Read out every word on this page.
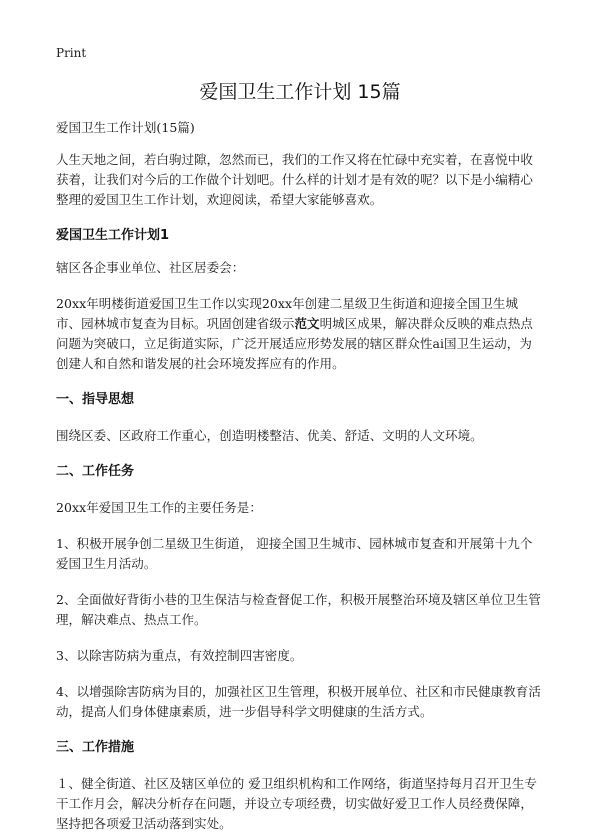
Print
爱国卫生工作计划 15篇

爱国卫生工作计划(15篇)

人生天地之间，若白驹过隙，忽然而已，我们的工作又将在忙碌中充实着，在喜悦中收获着，让我们对今后的工作做个计划吧。什么样的计划才是有效的呢？以下是小编精心整理的爱国卫生工作计划，欢迎阅读，希望大家能够喜欢。

爱国卫生工作计划1

辖区各企事业单位、社区居委会：

20xx年明楼街道爱国卫生工作以实现20xx年创建二星级卫生街道和迎接全国卫生城市、园林城市复查为目标。巩固创建省级示范文明城区成果，解决群众反映的难点热点问题为突破口，立足街道实际，广泛开展适应形势发展的辖区群众性ai国卫生运动，为创建人和自然和谐发展的社会环境发挥应有的作用。

一、指导思想

围绕区委、区政府工作重心，创造明楼整洁、优美、舒适、文明的人文环境。

二、工作任务

20xx年爱国卫生工作的主要任务是：

1、积极开展争创二星级卫生街道， 迎接全国卫生城市、园林城市复查和开展第十九个爱国卫生月活动。

2、全面做好背街小巷的卫生保洁与检查督促工作，积极开展整治环境及辖区单位卫生管理，解决难点、热点工作。

3、以除害防病为重点，有效控制四害密度。

4、以增强除害防病为目的，加强社区卫生管理，积极开展单位、社区和市民健康教育活动，提高人们身体健康素质，进一步倡导科学文明健康的生活方式。

三、工作措施

１、健全街道、社区及辖区单位的 爱卫组织机构和工作网络，街道坚持每月召开卫生专干工作月会，解决分析存在问题，并设立专项经费，切实做好爱卫工作人员经费保障，坚持把各项爱卫活动落到实处。
